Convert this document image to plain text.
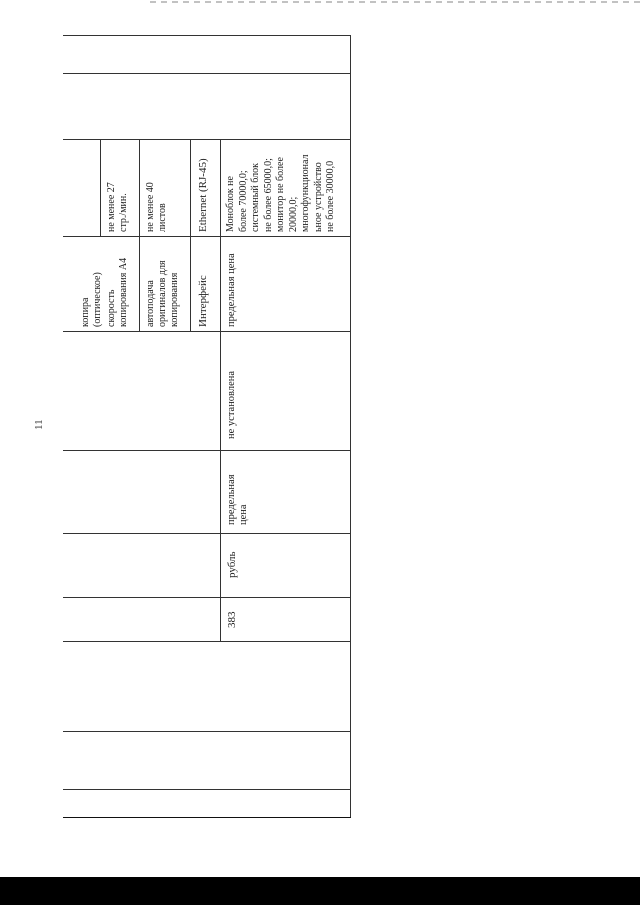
11
383
рубль
предельная
цена
не установлена
копира
(оптическое) скорость
копирования А4
не менее 27
стр./мин.
автоподача
оригиналов для
копирования
не менее 40
листов
Интерфейс
Ethernet (RJ-45)
предельная цена
Моноблок не
более 70000,0;
системный блок
не более 65000,0;
монитор не более
20000,0;
многофункционал
ьное устройство
не более 30000,0
